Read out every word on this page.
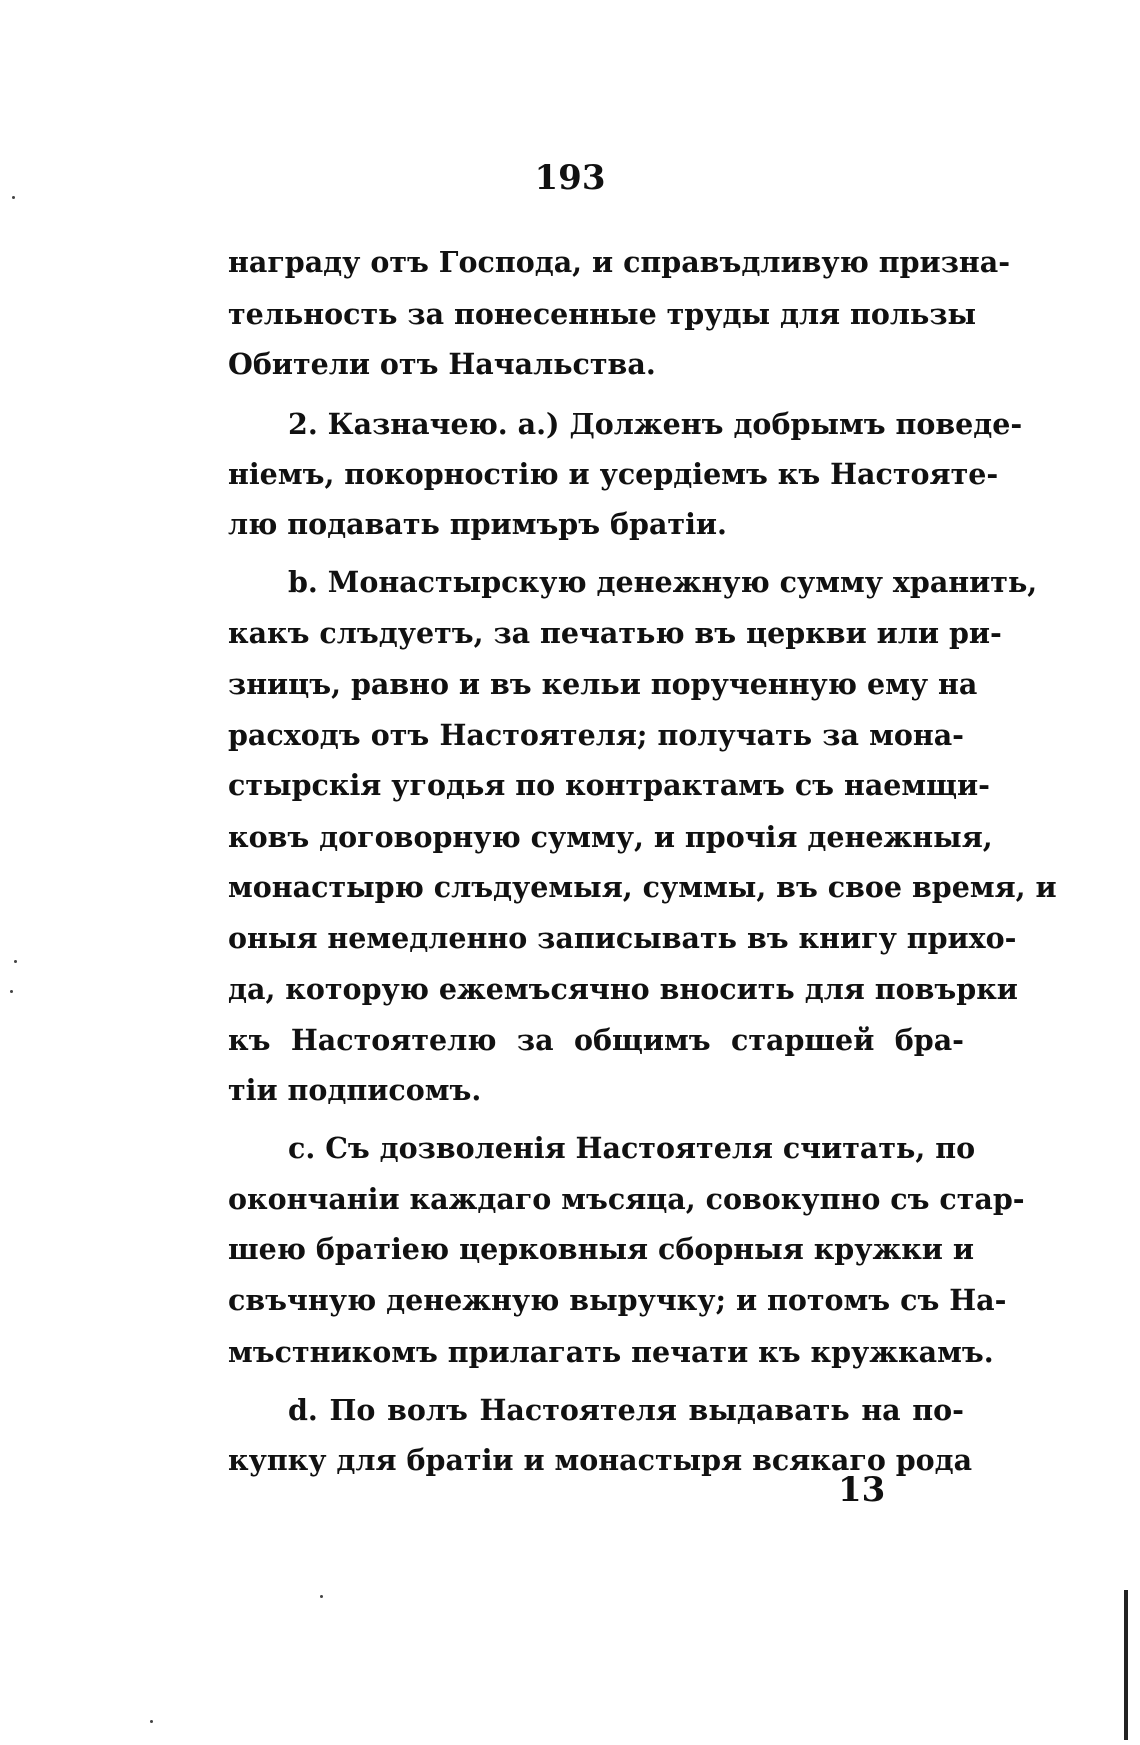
193
награду отъ Господа, и справъдливую призна-
тельность за понесенные труды для пользы
Обители отъ Начальства.
2. Казначею. a.) Долженъ добрымъ поведе-
ніемъ, покорностію и усердіемъ къ Настояте-
лю подавать примъръ братіи.
b. Монастырскую денежную сумму хранить,
какъ слъдуетъ, за печатью въ церкви или ри-
зницъ, равно и въ кельи порученную ему на
расходъ отъ Настоятеля; получать за мона-
стырскія угодья по контрактамъ съ наемщи-
ковъ договорную сумму, и прочія денежныя,
монастырю слъдуемыя, суммы, въ свое время, и
оныя немедленно записывать въ книгу прихо-
да, которую ежемъсячно вносить для повърки
къ Настоятелю за общимъ старшей бра-
тіи подписомъ.
c. Съ дозволенія Настоятеля считать, по
окончаніи каждаго мъсяца, совокупно съ стар-
шею братіею церковныя сборныя кружки и
свъчную денежную выручку; и потомъ съ На-
мъстникомъ прилагать печати къ кружкамъ.
d. По волъ Настоятеля выдавать на по-
купку для братіи и монастыря всякаго рода
13
